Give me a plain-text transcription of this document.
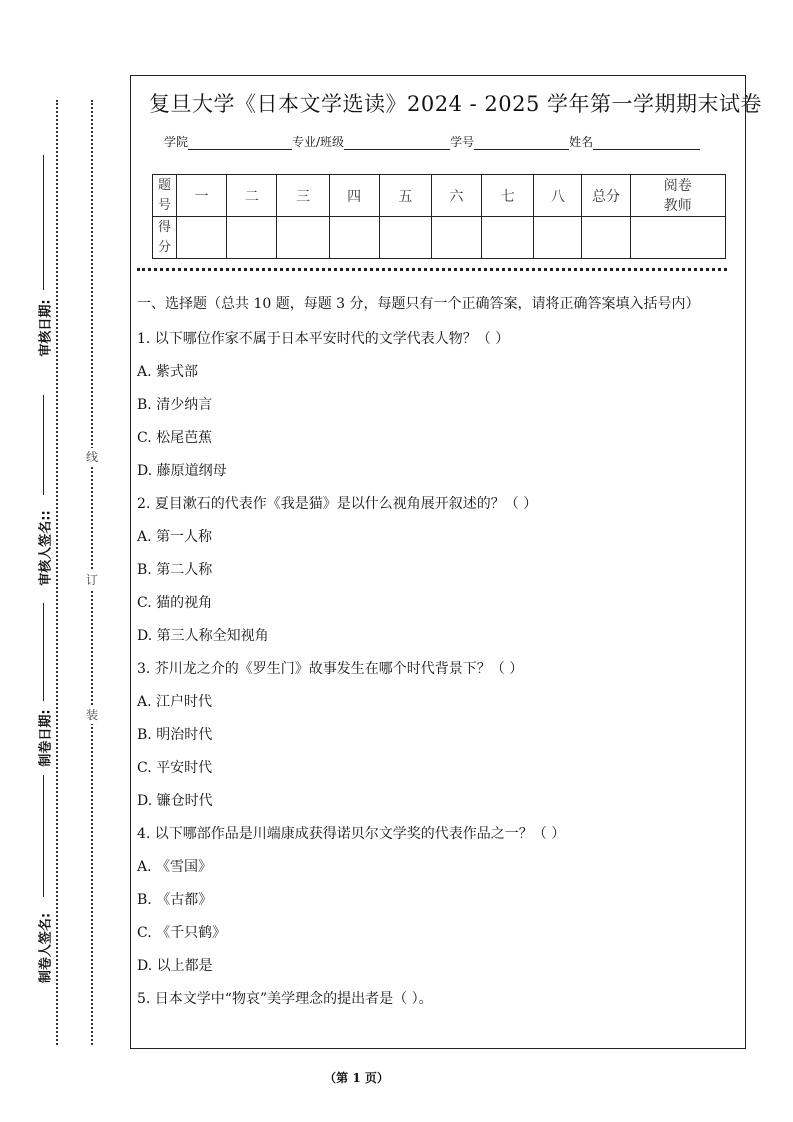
线
订
装
审核日期:
审核人签名::
制卷日期:
制卷人签名:
复旦大学《日本文学选读》2024 - 2025 学年第一学期期末试卷
学院	专业/班级	学号	姓名
题号	一	二	三	四	五	六	七	八	总分	阅卷教师
得分										
一、选择题（总共 10 题，每题 3 分，每题只有一个正确答案，请将正确答案填入括号内）
1. 以下哪位作家不属于日本平安时代的文学代表人物？（ ）
A. 紫式部
B. 清少纳言
C. 松尾芭蕉
D. 藤原道纲母
2. 夏目漱石的代表作《我是猫》是以什么视角展开叙述的？（ ）
A. 第一人称
B. 第二人称
C. 猫的视角
D. 第三人称全知视角
3. 芥川龙之介的《罗生门》故事发生在哪个时代背景下？（ ）
A. 江户时代
B. 明治时代
C. 平安时代
D. 镰仓时代
4. 以下哪部作品是川端康成获得诺贝尔文学奖的代表作品之一？（ ）
A. 《雪国》
B. 《古都》
C. 《千只鹤》
D. 以上都是
5. 日本文学中“物哀”美学理念的提出者是（ ）。
（第 1 页）
